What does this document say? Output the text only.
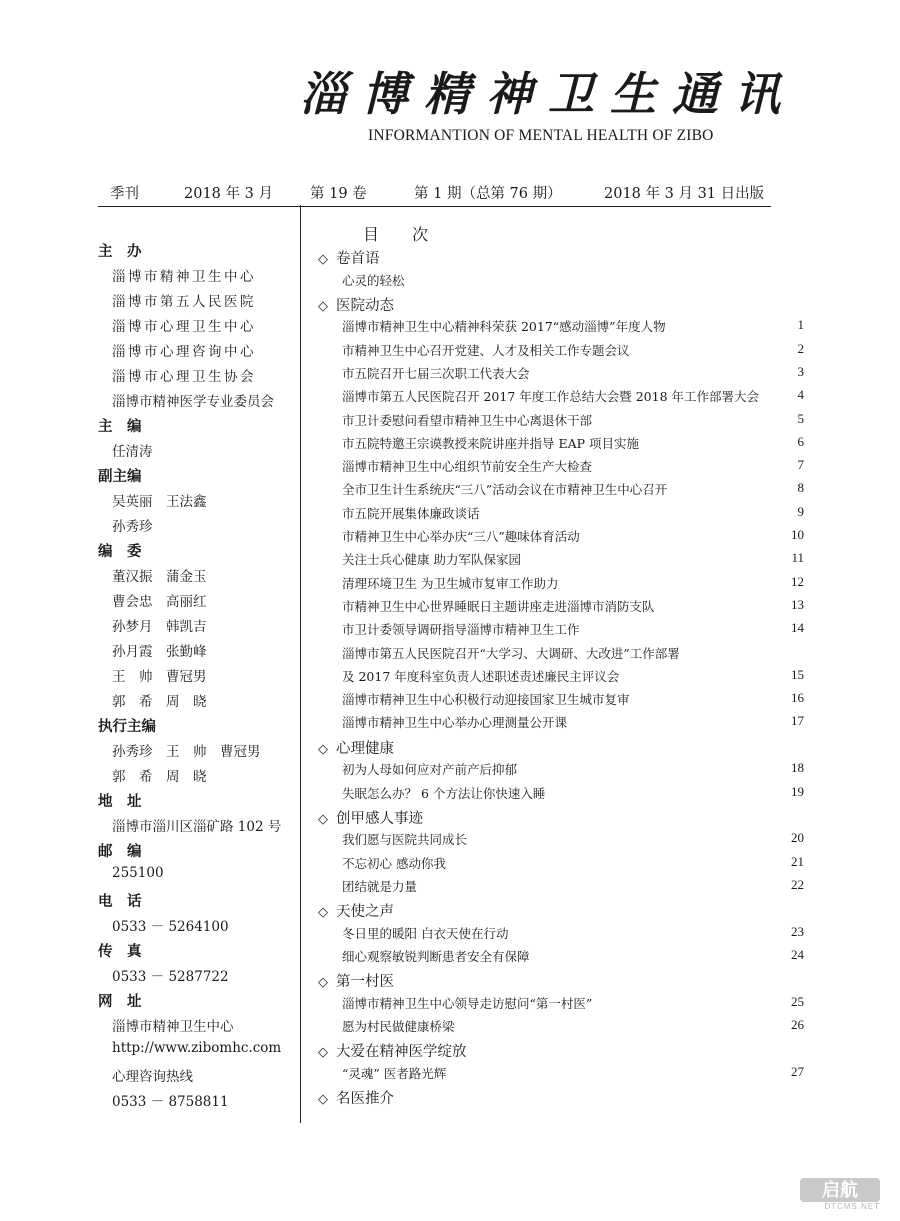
淄博精神卫生通讯
INFORMANTION OF MENTAL HEALTH OF ZIBO
季刊	2018 年 3 月	第 19 卷	第 1 期（总第 76 期）	2018 年 3 月 31 日出版
主　办
淄博市精神卫生中心
淄博市第五人民医院
淄博市心理卫生中心
淄博市心理咨询中心
淄博市心理卫生协会
淄博市精神医学专业委员会
主　编
任清涛
副主编
吴英丽　王法鑫
孙秀珍
编　委
董汉振　蒲金玉
曹会忠　高丽红
孙梦月　韩凯吉
孙月霞　张勤峰
王　帅　曹冠男
郭　希　周　晓
执行主编
孙秀珍　王　帅　曹冠男
郭　希　周　晓
地　址
淄博市淄川区淄矿路 102 号
邮　编
255100
电　话
0533 － 5264100
传　真
0533 － 5287722
网　址
淄博市精神卫生中心
http://www.zibomhc.com
心理咨询热线
0533 － 8758811
目 次
◇ 卷首语
心灵的轻松
◇ 医院动态
淄博市精神卫生中心精神科荣获 2017“感动淄博”年度人物	1
市精神卫生中心召开党建、人才及相关工作专题会议	2
市五院召开七届三次职工代表大会	3
淄博市第五人民医院召开 2017 年度工作总结大会暨 2018 年工作部署大会	4
市卫计委慰问看望市精神卫生中心离退休干部	5
市五院特邀王宗谟教授来院讲座并指导 EAP 项目实施	6
淄博市精神卫生中心组织节前安全生产大检查	7
全市卫生计生系统庆“三八”活动会议在市精神卫生中心召开	8
市五院开展集体廉政谈话	9
市精神卫生中心举办庆“三八”趣味体育活动	10
关注士兵心健康 助力军队保家园	11
清理环境卫生 为卫生城市复审工作助力	12
市精神卫生中心世界睡眠日主题讲座走进淄博市消防支队	13
市卫计委领导调研指导淄博市精神卫生工作	14
淄博市第五人民医院召开“大学习、大调研、大改进”工作部署
及 2017 年度科室负责人述职述责述廉民主评议会	15
淄博市精神卫生中心积极行动迎接国家卫生城市复审	16
淄博市精神卫生中心举办心理测量公开课	17
◇ 心理健康
初为人母如何应对产前产后抑郁	18
失眠怎么办？ 6 个方法让你快速入睡	19
◇ 创甲感人事迹
我们愿与医院共同成长	20
不忘初心 感动你我	21
团结就是力量	22
◇ 天使之声
冬日里的暖阳 白衣天使在行动	23
细心观察敏锐判断患者安全有保障	24
◇ 第一村医
淄博市精神卫生中心领导走访慰问“第一村医”	25
愿为村民做健康桥梁	26
◇ 大爱在精神医学绽放
“灵魂” 医者路光辉	27
◇ 名医推介
启航
DTCMS.NET
